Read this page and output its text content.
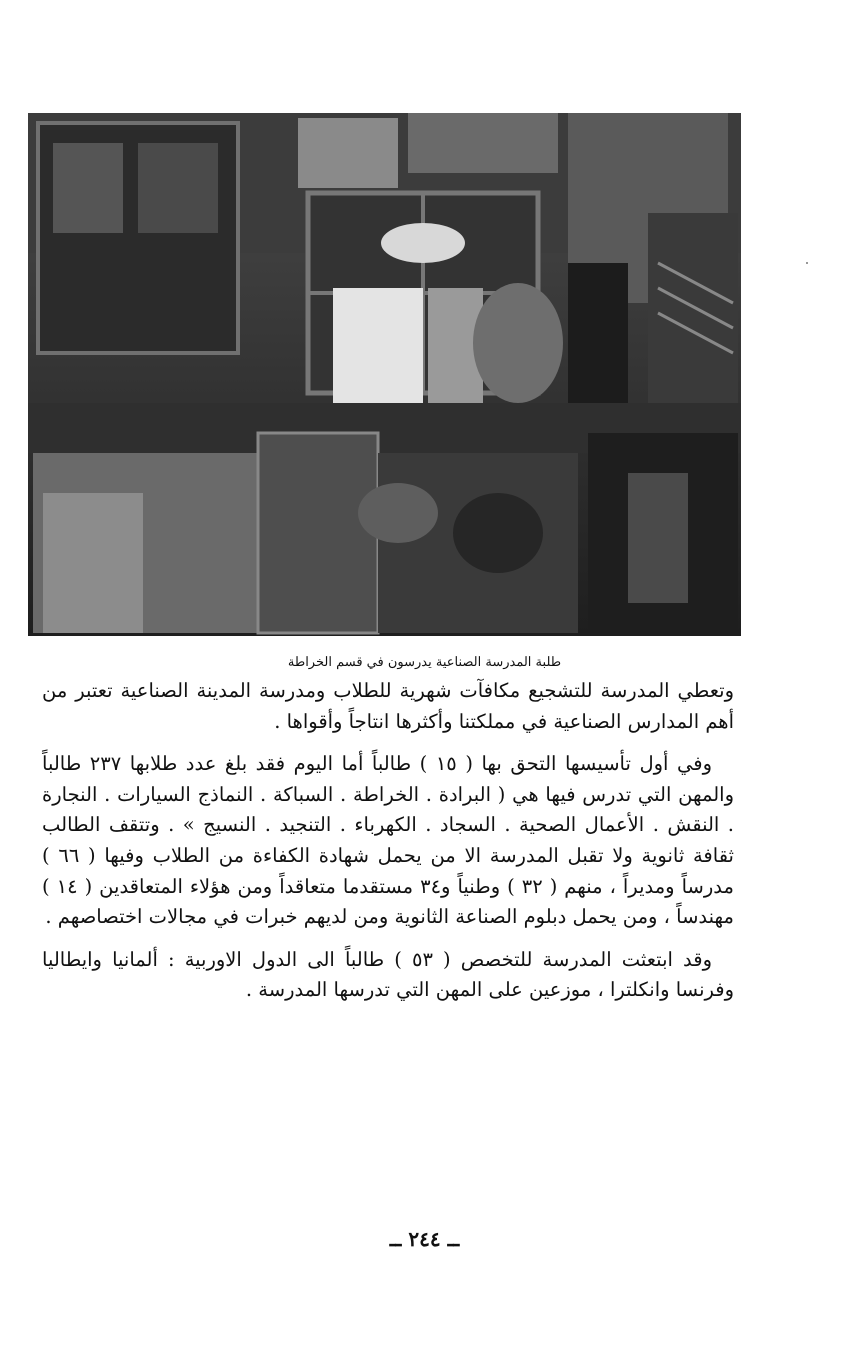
طلبة المدرسة الصناعية يدرسون في قسم الخراطة

وتعطي المدرسة للتشجيع مكافآت شهرية للطلاب ومدرسة المدينة الصناعية تعتبر من أهم المدارس الصناعية في مملكتنا وأكثرها انتاجاً وأقواها .

وفي أول تأسيسها التحق بها ( ١٥ ) طالباً أما اليوم فقد بلغ عدد طلابها ٢٣٧ طالباً والمهن التي تدرس فيها هي ( البرادة . الخراطة . السباكة . النماذج السيارات . النجارة . النقش . الأعمال الصحية . السجاد . الكهرباء . التنجيد . النسيج » . وتتقف الطالب ثقافة ثانوية ولا تقبل المدرسة الا من يحمل شهادة الكفاءة من الطلاب وفيها ( ٦٦ ) مدرساً ومديراً ، منهم ( ٣٢ ) وطنياً و٣٤ مستقدما متعاقداً ومن هؤلاء المتعاقدين ( ١٤ ) مهندساً ، ومن يحمل دبلوم الصناعة الثانوية ومن لديهم خبرات في مجالات اختصاصهم .

وقد ابتعثت المدرسة للتخصص ( ٥٣ ) طالباً الى الدول الاوربية : ألمانيا وايطاليا وفرنسا وانكلترا ، موزعين على المهن التي تدرسها المدرسة .

ــ ٢٤٤ ــ
